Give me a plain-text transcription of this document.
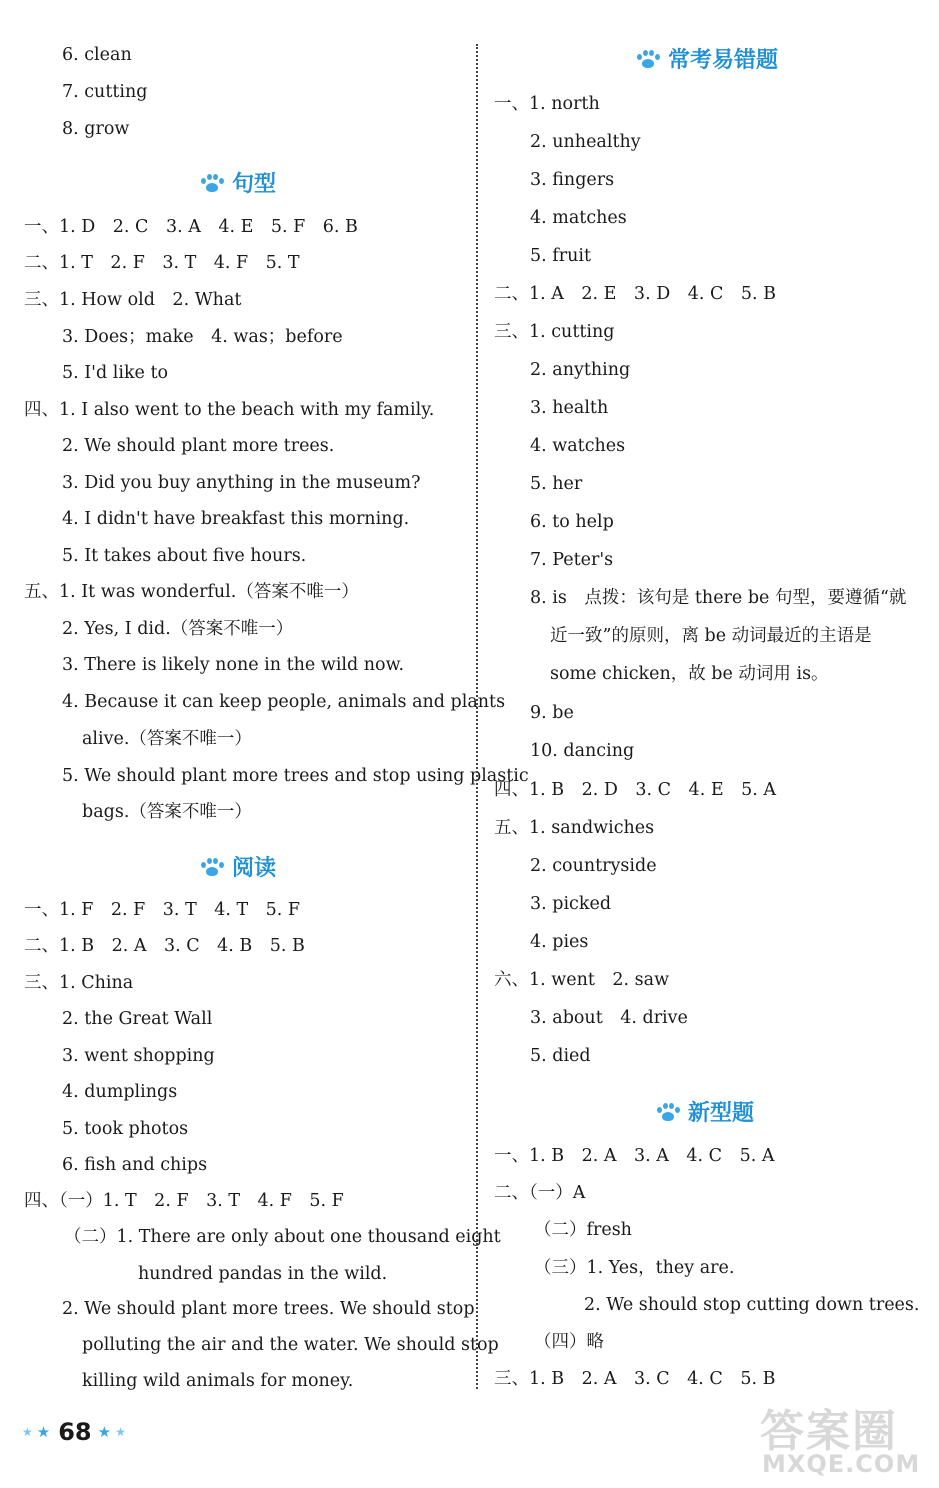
6. clean
7. cutting
8. grow
句型
一、1. D　2. C　3. A　4. E　5. F　6. B
二、1. T　2. F　3. T　4. F　5. T
三、1. How old　2. What
3. Does；make　4. was；before
5. I'd like to
四、1. I also went to the beach with my family.
2. We should plant more trees.
3. Did you buy anything in the museum?
4. I didn't have breakfast this morning.
5. It takes about five hours.
五、1. It was wonderful.（答案不唯一）
2. Yes, I did.（答案不唯一）
3. There is likely none in the wild now.
4. Because it can keep people, animals and plants
alive.（答案不唯一）
5. We should plant more trees and stop using plastic
bags.（答案不唯一）
阅读
一、1. F　2. F　3. T　4. T　5. F
二、1. B　2. A　3. C　4. B　5. B
三、1. China
2. the Great Wall
3. went shopping
4. dumplings
5. took photos
6. fish and chips
四、（一）1. T　2. F　3. T　4. F　5. F
（二）1. There are only about one thousand eight
hundred pandas in the wild.
2. We should plant more trees. We should stop
polluting the air and the water. We should stop
killing wild animals for money.
常考易错题
一、1. north
2. unhealthy
3. fingers
4. matches
5. fruit
二、1. A　2. E　3. D　4. C　5. B
三、1. cutting
2. anything
3. health
4. watches
5. her
6. to help
7. Peter's
8. is　点拨：该句是 there be 句型，要遵循“就
近一致”的原则，离 be 动词最近的主语是
some chicken，故 be 动词用 is。
9. be
10. dancing
四、1. B　2. D　3. C　4. E　5. A
五、1. sandwiches
2. countryside
3. picked
4. pies
六、1. went　2. saw
3. about　4. drive
5. died
新型题
一、1. B　2. A　3. A　4. C　5. A
二、（一）A
（二）fresh
（三）1. Yes，they are.
2. We should stop cutting down trees.
（四）略
三、1. B　2. A　3. C　4. C　5. B
★ ★ 68 ★ ★	答案圈
MXQE.COM
